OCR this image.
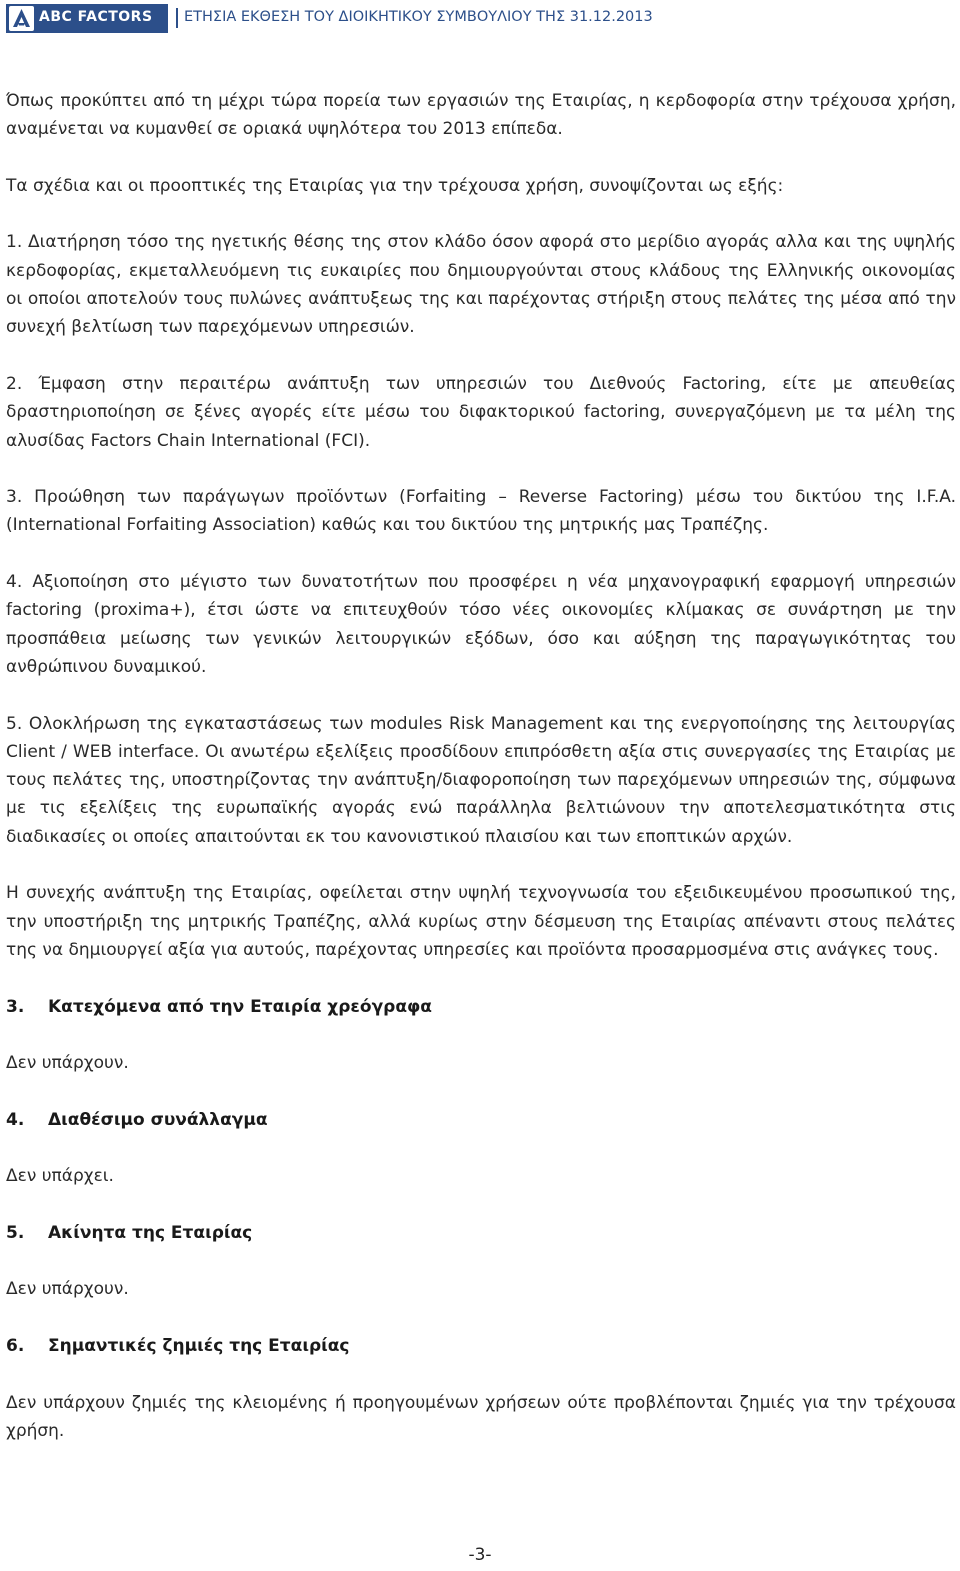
ABC FACTORS ΕΤΗΣΙΑ ΕΚΘΕΣΗ ΤΟΥ ΔΙΟΙΚΗΤΙΚΟΥ ΣΥΜΒΟΥΛΙΟΥ ΤΗΣ 31.12.2013

Όπως προκύπτει από τη μέχρι τώρα πορεία των εργασιών της Εταιρίας, η κερδοφορία στην τρέχουσα χρήση, αναμένεται να κυμανθεί σε οριακά υψηλότερα του 2013 επίπεδα.

Τα σχέδια και οι προοπτικές της Εταιρίας για την τρέχουσα χρήση, συνοψίζονται ως εξής:

1. Διατήρηση τόσο της ηγετικής θέσης της στον κλάδο όσον αφορά στο μερίδιο αγοράς αλλα και της υψηλής κερδοφορίας, εκμεταλλευόμενη τις ευκαιρίες που δημιουργούνται στους κλάδους της Ελληνικής οικονομίας οι οποίοι αποτελούν τους πυλώνες ανάπτυξεως της και παρέχοντας στήριξη στους πελάτες της μέσα από την συνεχή βελτίωση των παρεχόμενων υπηρεσιών.

2. Έμφαση στην περαιτέρω ανάπτυξη των υπηρεσιών του Διεθνούς Factoring, είτε με απευθείας δραστηριοποίηση σε ξένες αγορές είτε μέσω του διφακτορικού factoring, συνεργαζόμενη με τα μέλη της αλυσίδας Factors Chain International (FCI).

3. Προώθηση των παράγωγων προϊόντων (Forfaiting – Reverse Factoring) μέσω του δικτύου της I.F.A. (International Forfaiting Association) καθώς και του δικτύου της μητρικής μας Τραπέζης.

4. Αξιοποίηση στο μέγιστο των δυνατοτήτων που προσφέρει η νέα μηχανογραφική εφαρμογή υπηρεσιών factoring (proxima+), έτσι ώστε να επιτευχθούν τόσο νέες οικονομίες κλίμακας σε συνάρτηση με την προσπάθεια μείωσης των γενικών λειτουργικών εξόδων, όσο και αύξηση της παραγωγικότητας του ανθρώπινου δυναμικού.

5. Ολοκλήρωση της εγκαταστάσεως των modules Risk Management και της ενεργοποίησης της λειτουργίας Client / WEB interface. Οι ανωτέρω εξελίξεις προσδίδουν επιπρόσθετη αξία στις συνεργασίες της Εταιρίας με τους πελάτες της, υποστηρίζοντας την ανάπτυξη/διαφοροποίηση των παρεχόμενων υπηρεσιών της, σύμφωνα με τις εξελίξεις της ευρωπαϊκής αγοράς ενώ παράλληλα βελτιώνουν την αποτελεσματικότητα στις διαδικασίες οι οποίες απαιτούνται εκ του κανονιστικού πλαισίου και των εποπτικών αρχών.

Η συνεχής ανάπτυξη της Εταιρίας, οφείλεται στην υψηλή τεχνογνωσία του εξειδικευμένου προσωπικού της, την υποστήριξη της μητρικής Τραπέζης, αλλά κυρίως στην δέσμευση της Εταιρίας απέναντι στους πελάτες της να δημιουργεί αξία για αυτούς, παρέχοντας υπηρεσίες και προϊόντα προσαρμοσμένα στις ανάγκες τους.

3. Κατεχόμενα από την Εταιρία χρεόγραφα

Δεν υπάρχουν.

4. Διαθέσιμο συνάλλαγμα

Δεν υπάρχει.

5. Ακίνητα της Εταιρίας

Δεν υπάρχουν.

6. Σημαντικές ζημιές της Εταιρίας

Δεν υπάρχουν ζημιές της κλειομένης ή προηγουμένων χρήσεων ούτε προβλέπονται ζημιές για την τρέχουσα χρήση.

-3-
